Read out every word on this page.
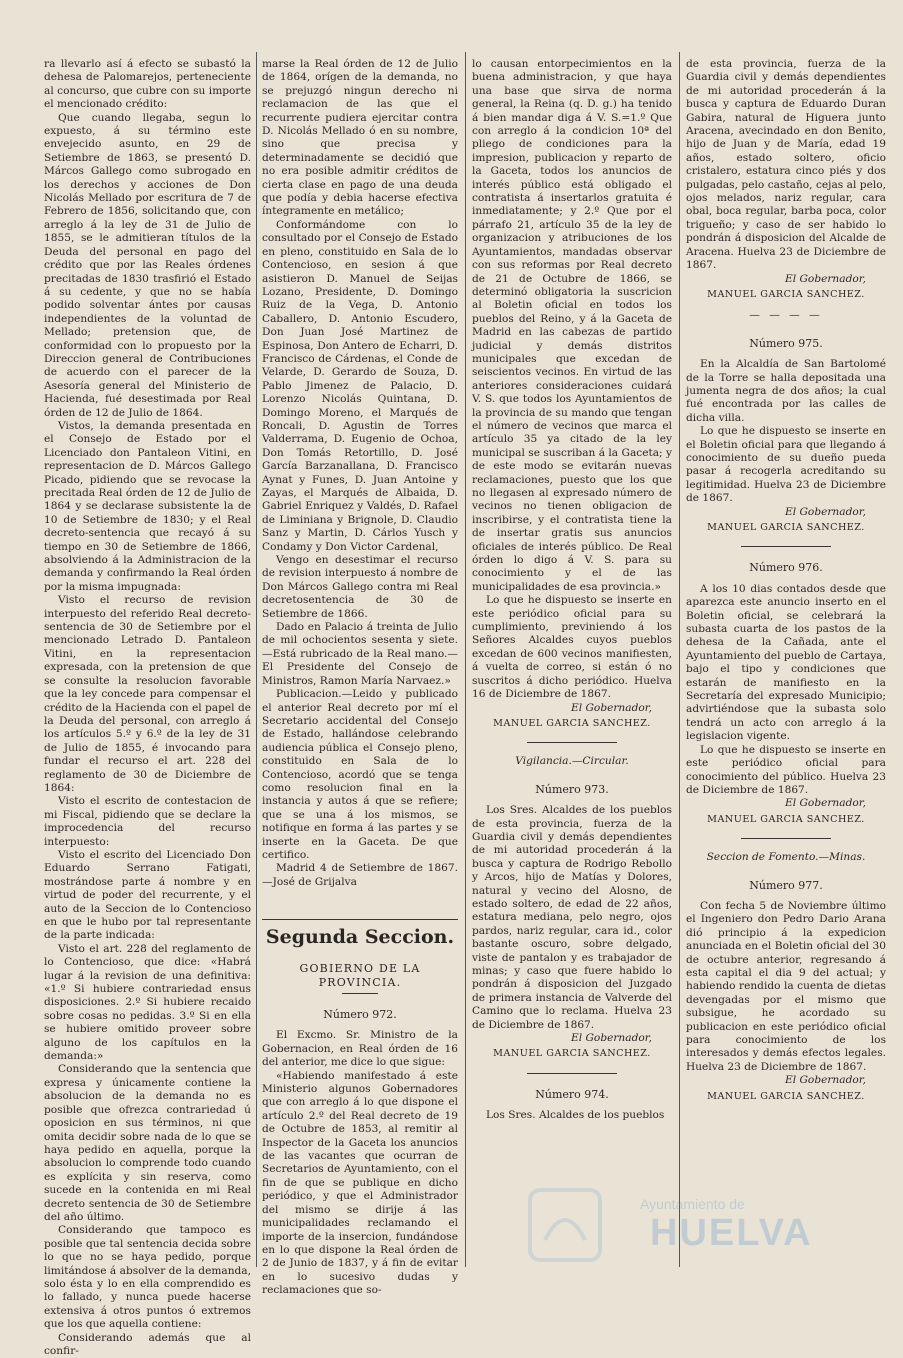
ra llevarlo así á efecto se subastó la dehesa de Palomarejos, perteneciente al concurso, que cubre con su importe el mencionado crédito:

Que cuando llegaba, segun lo expuesto, á su término este envejecido asunto, en 29 de Setiembre de 1863, se presentó D. Márcos Gallego como subrogado en los derechos y acciones de Don Nicolás Mellado por escritura de 7 de Febrero de 1856, solicitando que, con arreglo á la ley de 31 de Julio de 1855, se le admitieran títulos de la Deuda del personal en pago del crédito que por las Reales órdenes precitadas de 1830 trasfirió el Estado á su cedente, y que no se había podido solventar ántes por causas independientes de la voluntad de Mellado; pretension que, de conformidad con lo propuesto por la Direccion general de Contribuciones de acuerdo con el parecer de la Asesoría general del Ministerio de Hacienda, fué desestimada por Real órden de 12 de Julio de 1864.

Vistos, la demanda presentada en el Consejo de Estado por el Licenciado don Pantaleon Vitini, en representacion de D. Márcos Gallego Picado, pidiendo que se revocase la precitada Real órden de 12 de Julio de 1864 y se declarase subsistente la de 10 de Setiembre de 1830; y el Real decreto-sentencia que recayó á su tiempo en 30 de Setiembre de 1866, absolviendo á la Administracion de la demanda y confirmando la Real órden por la misma impugnada:

Visto el recurso de revision interpuesto del referido Real decreto-sentencia de 30 de Setiembre por el mencionado Letrado D. Pantaleon Vitini, en la representacion expresada, con la pretension de que se consulte la resolucion favorable que la ley concede para compensar el crédito de la Hacienda con el papel de la Deuda del personal, con arreglo á los artículos 5.º y 6.º de la ley de 31 de Julio de 1855, é invocando para fundar el recurso el art. 228 del reglamento de 30 de Diciembre de 1864:

Visto el escrito de contestacion de mi Fiscal, pidiendo que se declare la improcedencia del recurso interpuesto:

Visto el escrito del Licenciado Don Eduardo Serrano Fatigati, mostrándose parte á nombre y en virtud de poder del recurrente, y el auto de la Seccion de lo Contencioso en que le hubo por tal representante de la parte indicada:

Visto el art. 228 del reglamento de lo Contencioso, que dice: «Habrá lugar á la revision de una definitiva: «1.º Si hubiere contrariedad ensus disposiciones. 2.º Si hubiere recaido sobre cosas no pedidas. 3.º Si en ella se hubiere omitido proveer sobre alguno de los capítulos en la demanda:»

Considerando que la sentencia que expresa y únicamente contiene la absolucion de la demanda no es posible que ofrezca contrariedad ú oposicion en sus términos, ni que omita decidir sobre nada de lo que se haya pedido en aquella, porque la absolucion lo comprende todo cuando es explícita y sin reserva, como sucede en la contenida en mi Real decreto sentencia de 30 de Setiembre del año último.

Considerando que tampoco es posible que tal sentencia decida sobre lo que no se haya pedido, porque limitándose á absolver de la demanda, solo ésta y lo en ella comprendido es lo fallado, y nunca puede hacerse extensiva á otros puntos ó extremos que los que aquella contiene:

Considerando además que al confir-

marse la Real órden de 12 de Julio de 1864, orígen de la demanda, no se prejuzgó ningun derecho ni reclamacion de las que el recurrente pudiera ejercitar contra D. Nicolás Mellado ó en su nombre, sino que precisa y determinadamente se decidió que no era posible admitir créditos de cierta clase en pago de una deuda que podía y debia hacerse efectiva íntegramente en metálico;

Conformándome con lo consultado por el Consejo de Estado en pleno, constituido en Sala de lo Contencioso, en sesion á que asistieron D. Manuel de Seijas Lozano, Presidente, D. Domingo Ruiz de la Vega, D. Antonio Caballero, D. Antonio Escudero, Don Juan José Martinez de Espinosa, Don Antero de Echarri, D. Francisco de Cárdenas, el Conde de Velarde, D. Gerardo de Souza, D. Pablo Jimenez de Palacio, D. Lorenzo Nicolás Quintana, D. Domingo Moreno, el Marqués de Roncali, D. Agustin de Torres Valderrama, D. Eugenio de Ochoa, Don Tomás Retortillo, D. José García Barzanallana, D. Francisco Aynat y Funes, D. Juan Antoine y Zayas, el Marqués de Albaida, D. Gabriel Enriquez y Valdés, D. Rafael de Liminiana y Brignole, D. Claudio Sanz y Martin, D. Cárlos Yusch y Condamy y Don Victor Cardenal,

Vengo en desestimar el recurso de revision interpuesto á nombre de Don Márcos Gallego contra mi Real decretosentencia de 30 de Setiembre de 1866.

Dado en Palacio á treinta de Julio de mil ochocientos sesenta y siete.—Está rubricado de la Real mano.—El Presidente del Consejo de Ministros, Ramon María Narvaez.»

Publicacion.—Leido y publicado el anterior Real decreto por mí el Secretario accidental del Consejo de Estado, hallándose celebrando audiencia pública el Consejo pleno, constituido en Sala de lo Contencioso, acordó que se tenga como resolucion final en la instancia y autos á que se refiere; que se una á los mismos, se notifique en forma á las partes y se inserte en la Gaceta. De que certifico.

Madrid 4 de Setiembre de 1867.—José de Grijalva

Segunda Seccion.
GOBIERNO DE LA PROVINCIA.

Número 972.

El Excmo. Sr. Ministro de la Gobernacion, en Real órden de 16 del anterior, me dice lo que sigue:

«Habiendo manifestado á este Ministerio algunos Gobernadores que con arreglo á lo que dispone el artículo 2.º del Real decreto de 19 de Octubre de 1853, al remitir al Inspector de la Gaceta los anuncios de las vacantes que ocurran de Secretarios de Ayuntamiento, con el fin de que se publique en dicho periódico, y que el Administrador del mismo se dirije á las municipalidades reclamando el importe de la insercion, fundándose en lo que dispone la Real órden de 2 de Junio de 1837, y á fin de evitar en lo sucesivo dudas y reclamaciones que so-

lo causan entorpecimientos en la buena administracion, y que haya una base que sirva de norma general, la Reina (q. D. g.) ha tenido á bien mandar diga á V. S.=1.º Que con arreglo á la condicion 10ª del pliego de condiciones para la impresion, publicacion y reparto de la Gaceta, todos los anuncios de interés público está obligado el contratista á insertarlos gratuita é inmediatamente; y 2.º Que por el párrafo 21, artículo 35 de la ley de organizacion y atribuciones de los Ayuntamientos, mandadas observar con sus reformas por Real decreto de 21 de Octubre de 1866, se determinó obligatoria la suscricion al Boletin oficial en todos los pueblos del Reino, y á la Gaceta de Madrid en las cabezas de partido judicial y demás distritos municipales que excedan de seiscientos vecinos. En virtud de las anteriores consideraciones cuidará V. S. que todos los Ayuntamientos de la provincia de su mando que tengan el número de vecinos que marca el artículo 35 ya citado de la ley municipal se suscriban á la Gaceta; y de este modo se evitarán nuevas reclamaciones, puesto que los que no llegasen al expresado número de vecinos no tienen obligacion de inscribirse, y el contratista tiene la de insertar gratis sus anuncios oficiales de interés público. De Real órden lo digo á V. S. para su conocimiento y el de las municipalidades de esa provincia.»

Lo que he dispuesto se inserte en este periódico oficial para su cumplimiento, previniendo á los Señores Alcaldes cuyos pueblos excedan de 600 vecinos manifiesten, á vuelta de correo, si están ó no suscritos á dicho periódico. Huelva 16 de Diciembre de 1867.

El Gobernador,

MANUEL GARCIA SANCHEZ.

Vigilancia.—Circular.

Número 973.

Los Sres. Alcaldes de los pueblos de esta provincia, fuerza de la Guardia civil y demás dependientes de mi autoridad procederán á la busca y captura de Rodrigo Rebollo y Arcos, hijo de Matías y Dolores, natural y vecino del Alosno, de estado soltero, de edad de 22 años, estatura mediana, pelo negro, ojos pardos, nariz regular, cara id., color bastante oscuro, sobre delgado, viste de pantalon y es trabajador de minas; y caso que fuere habido lo pondrán á disposicion del Juzgado de primera instancia de Valverde del Camino que lo reclama. Huelva 23 de Diciembre de 1867.

El Gobernador,

MANUEL GARCIA SANCHEZ.

Número 974.

Los Sres. Alcaldes de los pueblos

de esta provincia, fuerza de la Guardia civil y demás dependientes de mi autoridad procederán á la busca y captura de Eduardo Duran Gabira, natural de Higuera junto Aracena, avecindado en don Benito, hijo de Juan y de María, edad 19 años, estado soltero, oficio cristalero, estatura cinco piés y dos pulgadas, pelo castaño, cejas al pelo, ojos melados, nariz regular, cara obal, boca regular, barba poca, color trigueño; y caso de ser habido lo pondrán á disposicion del Alcalde de Aracena. Huelva 23 de Diciembre de 1867.

El Gobernador,

MANUEL GARCIA SANCHEZ.

— — — —

Número 975.

En la Alcaldía de San Bartolomé de la Torre se halla depositada una jumenta negra de dos años; la cual fué encontrada por las calles de dicha villa.

Lo que he dispuesto se inserte en el Boletin oficial para que llegando á conocimiento de su dueño pueda pasar á recogerla acreditando su legitimidad. Huelva 23 de Diciembre de 1867.

El Gobernador,

MANUEL GARCIA SANCHEZ.

Número 976.

A los 10 dias contados desde que aparezca este anuncio inserto en el Boletin oficial, se celebrará la subasta cuarta de los pastos de la dehesa de la Cañada, ante el Ayuntamiento del pueblo de Cartaya, bajo el tipo y condiciones que estarán de manifiesto en la Secretaría del expresado Municipio; advirtiéndose que la subasta solo tendrá un acto con arreglo á la legislacion vigente.

Lo que he dispuesto se inserte en este periódico oficial para conocimiento del público. Huelva 23 de Diciembre de 1867.

El Gobernador,

MANUEL GARCIA SANCHEZ.

Seccion de Fomento.—Minas.

Número 977.

Con fecha 5 de Noviembre último el Ingeniero don Pedro Dario Arana dió principio á la expedicion anunciada en el Boletin oficial del 30 de octubre anterior, regresando á esta capital el dia 9 del actual; y habiendo rendido la cuenta de dietas devengadas por el mismo que subsigue, he acordado su publicacion en este periódico oficial para conocimiento de los interesados y demás efectos legales. Huelva 23 de Diciembre de 1867.

El Gobernador,

MANUEL GARCIA SANCHEZ.

Ayuntamiento de
HUELVA
